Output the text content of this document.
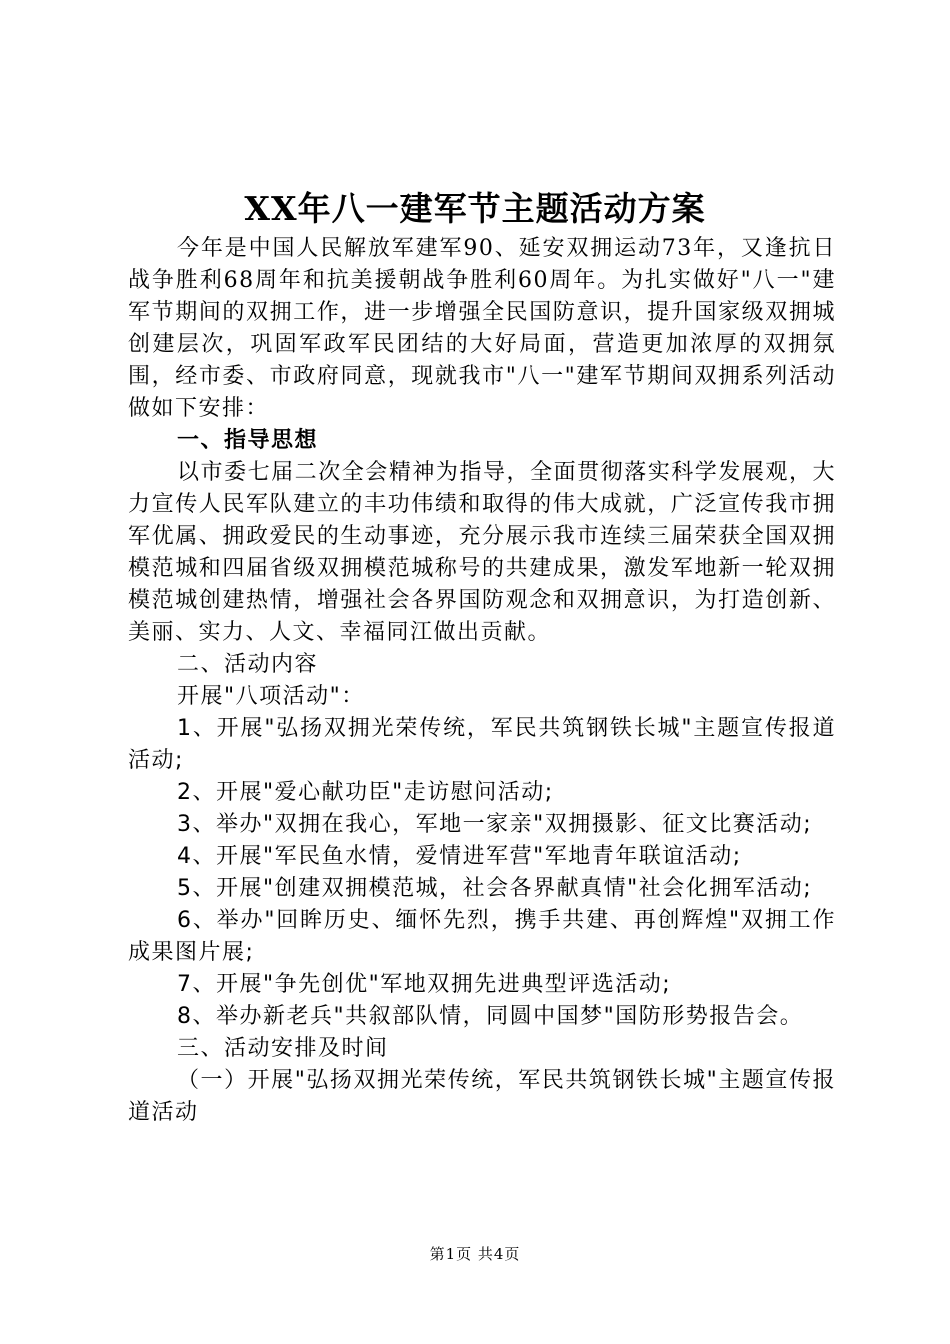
XX年八一建军节主题活动方案

今年是中国人民解放军建军90、延安双拥运动73年，又逢抗日战争胜利68周年和抗美援朝战争胜利60周年。为扎实做好"八一"建军节期间的双拥工作，进一步增强全民国防意识，提升国家级双拥城创建层次，巩固军政军民团结的大好局面，营造更加浓厚的双拥氛围，经市委、市政府同意，现就我市"八一"建军节期间双拥系列活动做如下安排：

一、指导思想

以市委七届二次全会精神为指导，全面贯彻落实科学发展观，大力宣传人民军队建立的丰功伟绩和取得的伟大成就，广泛宣传我市拥军优属、拥政爱民的生动事迹，充分展示我市连续三届荣获全国双拥模范城和四届省级双拥模范城称号的共建成果，激发军地新一轮双拥模范城创建热情，增强社会各界国防观念和双拥意识，为打造创新、美丽、实力、人文、幸福同江做出贡献。

二、活动内容

开展"八项活动"：

1、开展"弘扬双拥光荣传统，军民共筑钢铁长城"主题宣传报道活动;

2、开展"爱心献功臣"走访慰问活动;

3、举办"双拥在我心，军地一家亲"双拥摄影、征文比赛活动;

4、开展"军民鱼水情，爱情进军营"军地青年联谊活动;

5、开展"创建双拥模范城，社会各界献真情"社会化拥军活动;

6、举办"回眸历史、缅怀先烈，携手共建、再创辉煌"双拥工作成果图片展;

7、开展"争先创优"军地双拥先进典型评选活动;

8、举办新老兵"共叙部队情，同圆中国梦"国防形势报告会。

三、活动安排及时间

（一）开展"弘扬双拥光荣传统，军民共筑钢铁长城"主题宣传报道活动

第1页 共4页
